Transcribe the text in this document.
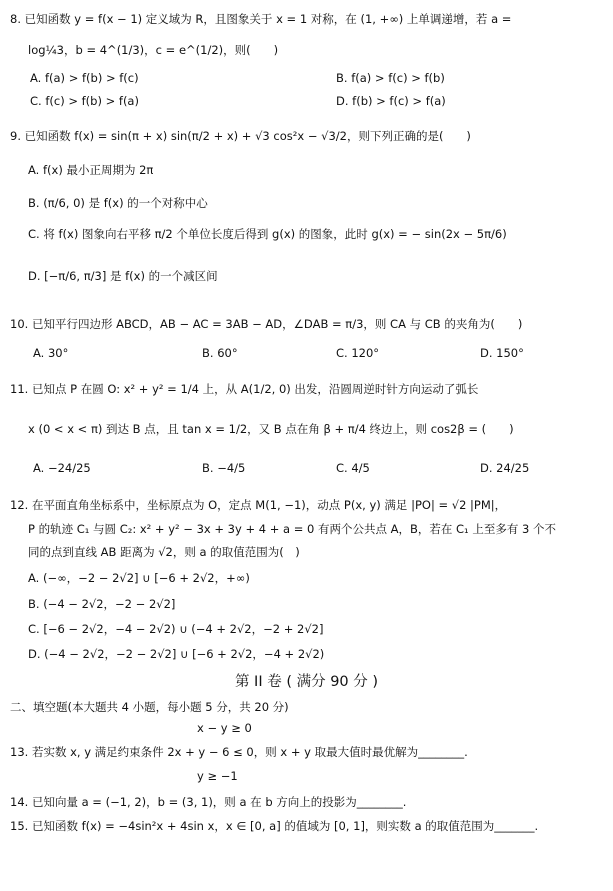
8. 已知函数 y = f(x − 1) 定义域为 R，且图象关于 x = 1 对称，在 (1, +∞) 上单调递增，若 a =
log¼3，b = 4^(1/3)，c = e^(1/2)，则(　　)
9. 已知函数 f(x) = sin(π + x) sin(π/2 + x) + √3 cos²x − √3/2，则下列正确的是(　　)
A. f(x) 最小正周期为 2π
B. (π/6, 0) 是 f(x) 的一个对称中心
C. 将 f(x) 图象向右平移 π/2 个单位长度后得到 g(x) 的图象，此时 g(x) = − sin(2x − 5π/6)
D. [−π/6, π/3] 是 f(x) 的一个减区间
10. 已知平行四边形 ABCD，AB − AC = 3AB − AD，∠DAB = π/3，则 CA 与 CB 的夹角为(　　)
11. 已知点 P 在圆 O: x² + y² = 1/4 上，从 A(1/2, 0) 出发，沿圆周逆时针方向运动了弧长
x (0 < x < π) 到达 B 点，且 tan x = 1/2，又 B 点在角 β + π/4 终边上，则 cos2β = (　　)
12. 在平面直角坐标系中，坐标原点为 O，定点 M(1, −1)，动点 P(x, y) 满足 |PO| = √2 |PM|，
P 的轨迹 C₁ 与圆 C₂: x² + y² − 3x + 3y + 4 + a = 0 有两个公共点 A，B，若在 C₁ 上至多有 3 个不
同的点到直线 AB 距离为 √2，则 a 的取值范围为(　)
A. (−∞，−2 − 2√2] ∪ [−6 + 2√2，+∞)
B. (−4 − 2√2，−2 − 2√2]
C. [−6 − 2√2，−4 − 2√2) ∪ (−4 + 2√2，−2 + 2√2]
D. (−4 − 2√2，−2 − 2√2] ∪ [−6 + 2√2，−4 + 2√2)
二、填空题(本大题共 4 小题，每小题 5 分，共 20 分)
x − y ≥ 0
13. 若实数 x, y 满足约束条件 2x + y − 6 ≤ 0，则 x + y 取最大值时最优解为________.
y ≥ −1
14. 已知向量 a = (−1, 2)，b = (3, 1)，则 a 在 b 方向上的投影为________.
15. 已知函数 f(x) = −4sin²x + 4sin x，x ∈ [0, a] 的值域为 [0, 1]，则实数 a 的取值范围为_______.
A. f(a) > f(b) > f(c)	B. f(a) > f(c) > f(b)
C. f(c) > f(b) > f(a)	D. f(b) > f(c) > f(a)
A. 30°	B. 60°	C. 120°	D. 150°
A. −24/25	B. −4/5	C. 4/5	D. 24/25
第 II 卷 ( 满分 90 分 )
